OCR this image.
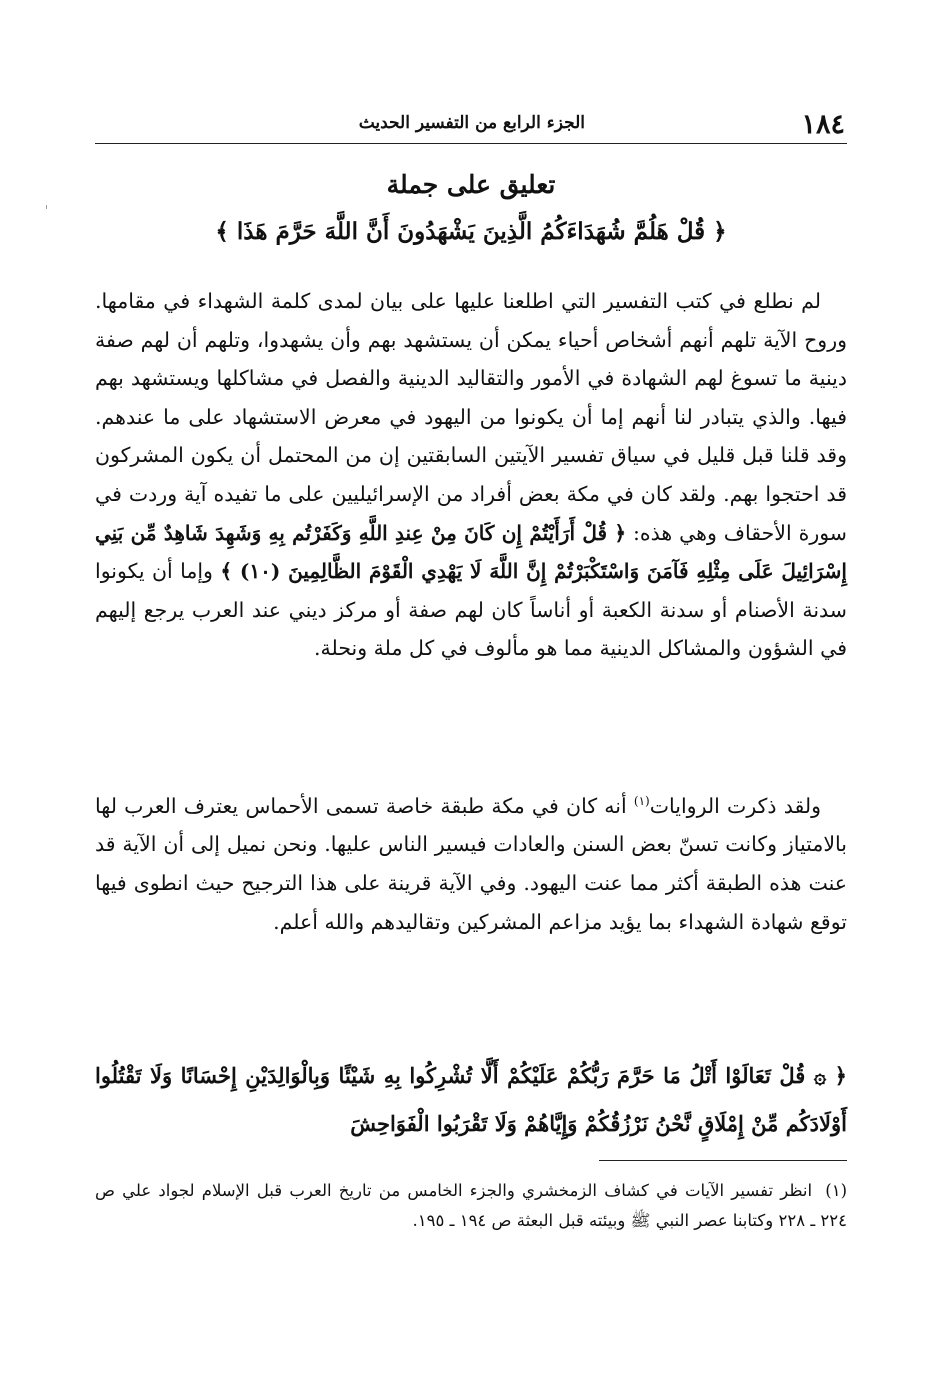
١٨٤
الجزء الرابع من التفسير الحديث
تعليق على جملة
﴿ قُلْ هَلُمَّ شُهَدَاءَكُمُ الَّذِينَ يَشْهَدُونَ أَنَّ اللَّهَ حَرَّمَ هَذَا ﴾
لم نطلع في كتب التفسير التي اطلعنا عليها على بيان لمدى كلمة الشهداء في مقامها. وروح الآية تلهم أنهم أشخاص أحياء يمكن أن يستشهد بهم وأن يشهدوا، وتلهم أن لهم صفة دينية ما تسوغ لهم الشهادة في الأمور والتقاليد الدينية والفصل في مشاكلها ويستشهد بهم فيها. والذي يتبادر لنا أنهم إما أن يكونوا من اليهود في معرض الاستشهاد على ما عندهم. وقد قلنا قبل قليل في سياق تفسير الآيتين السابقتين إن من المحتمل أن يكون المشركون قد احتجوا بهم. ولقد كان في مكة بعض أفراد من الإسرائيليين على ما تفيده آية وردت في سورة الأحقاف وهي هذه: ﴿ قُلْ أَرَأَيْتُمْ إِن كَانَ مِنْ عِندِ اللَّهِ وَكَفَرْتُم بِهِ وَشَهِدَ شَاهِدٌ مِّن بَنِي إِسْرَائِيلَ عَلَى مِثْلِهِ فَآمَنَ وَاسْتَكْبَرْتُمْ إِنَّ اللَّهَ لَا يَهْدِي الْقَوْمَ الظَّالِمِينَ (١٠) ﴾ وإما أن يكونوا سدنة الأصنام أو سدنة الكعبة أو أناساً كان لهم صفة أو مركز ديني عند العرب يرجع إليهم في الشؤون والمشاكل الدينية مما هو مألوف في كل ملة ونحلة.
ولقد ذكرت الروايات$^{(١)}$ أنه كان في مكة طبقة خاصة تسمى الأحماس يعترف العرب لها بالامتياز وكانت تسنّ بعض السنن والعادات فيسير الناس عليها. ونحن نميل إلى أن الآية قد عنت هذه الطبقة أكثر مما عنت اليهود. وفي الآية قرينة على هذا الترجيح حيث انطوى فيها توقع شهادة الشهداء بما يؤيد مزاعم المشركين وتقاليدهم والله أعلم.
﴿ ۞ قُلْ تَعَالَوْا أَتْلُ مَا حَرَّمَ رَبُّكُمْ عَلَيْكُمْ أَلَّا تُشْرِكُوا بِهِ شَيْئًا وَبِالْوَالِدَيْنِ إِحْسَانًا وَلَا تَقْتُلُوا أَوْلَادَكُم مِّنْ إِمْلَاقٍ نَّحْنُ نَرْزُقُكُمْ وَإِيَّاهُمْ وَلَا تَقْرَبُوا الْفَوَاحِشَ
(١) انظر تفسير الآيات في كشاف الزمخشري والجزء الخامس من تاريخ العرب قبل الإسلام لجواد علي ص ٢٢٤ ـ ٢٢٨ وكتابنا عصر النبي ﷺ وبيئته قبل البعثة ص ١٩٤ ـ ١٩٥.
